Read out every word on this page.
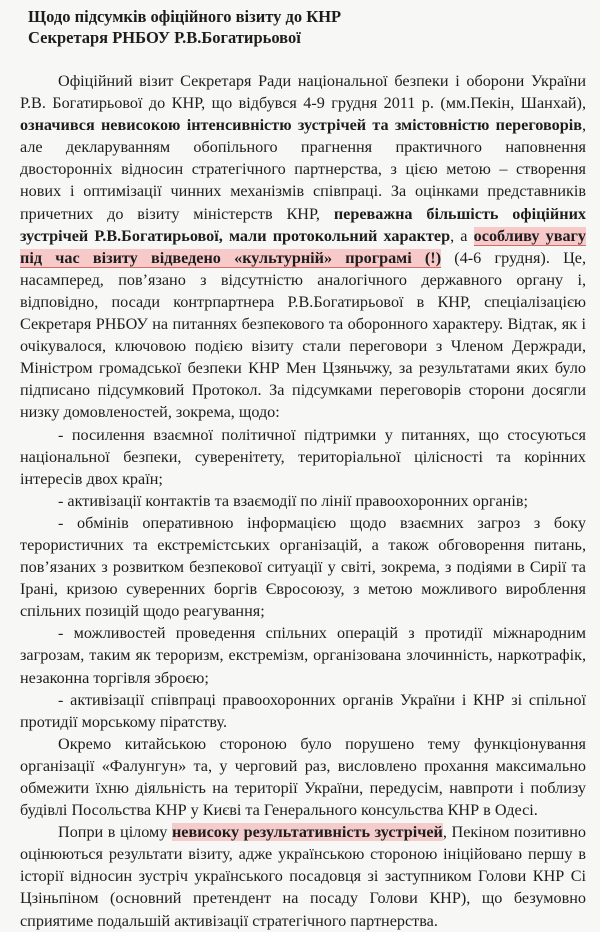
Щодо підсумків офіційного візиту до КНР
Секретаря РНБОУ Р.В.Богатирьової

Офіційний візит Секретаря Ради національної безпеки і оборони України Р.В. Богатирьової до КНР, що відбувся 4-9 грудня 2011 р. (мм.Пекін, Шанхай), означився невисокою інтенсивністю зустрічей та змістовністю переговорів, але декларуванням обопільного прагнення практичного наповнення двосторонніх відносин стратегічного партнерства, з цією метою – створення нових і оптимізації чинних механізмів співпраці. За оцінками представників причетних до візиту міністерств КНР, переважна більшість офіційних зустрічей Р.В.Богатирьової, мали протокольний характер, а особливу увагу під час візиту відведено «культурній» програмі (!) (4-6 грудня). Це, насамперед, пов’язано з відсутністю аналогічного державного органу і, відповідно, посади контрпартнера Р.В.Богатирьової в КНР, спеціалізацією Секретаря РНБОУ на питаннях безпекового та оборонного характеру. Відтак, як і очікувалося, ключовою подією візиту стали переговори з Членом Держради, Міністром громадської безпеки КНР Мен Цзяньчжу, за результатами яких було підписано підсумковий Протокол. За підсумками переговорів сторони досягли низку домовленостей, зокрема, щодо:

- посилення взаємної політичної підтримки у питаннях, що стосуються національної безпеки, суверенітету, територіальної цілісності та корінних інтересів двох країн;
- активізації контактів та взаємодії по лінії правоохоронних органів;
- обмінів оперативною інформацією щодо взаємних загроз з боку терористичних та екстремістських організацій, а також обговорення питань, пов’язаних з розвитком безпекової ситуації у світі, зокрема, з подіями в Сирії та Ірані, кризою суверенних боргів Євросоюзу, з метою можливого вироблення спільних позицій щодо реагування;
- можливостей проведення спільних операцій з протидії міжнародним загрозам, таким як тероризм, екстремізм, організована злочинність, наркотрафік, незаконна торгівля зброєю;
- активізації співпраці правоохоронних органів України і КНР зі спільної протидії морському піратству.

Окремо китайською стороною було порушено тему функціонування організації «Фалунгун» та, у черговий раз, висловлено прохання максимально обмежити їхню діяльність на території України, передусім, навпроти і поблизу будівлі Посольства КНР у Києві та Генерального консульства КНР в Одесі.

Попри в цілому невисоку результативність зустрічей, Пекіном позитивно оцінюються результати візиту, адже українською стороною ініційовано першу в історії відносин зустріч українського посадовця зі заступником Голови КНР Сі Цзіньпіном (основний претендент на посаду Голови КНР), що безумовно сприятиме подальшій активізації стратегічного партнерства.
